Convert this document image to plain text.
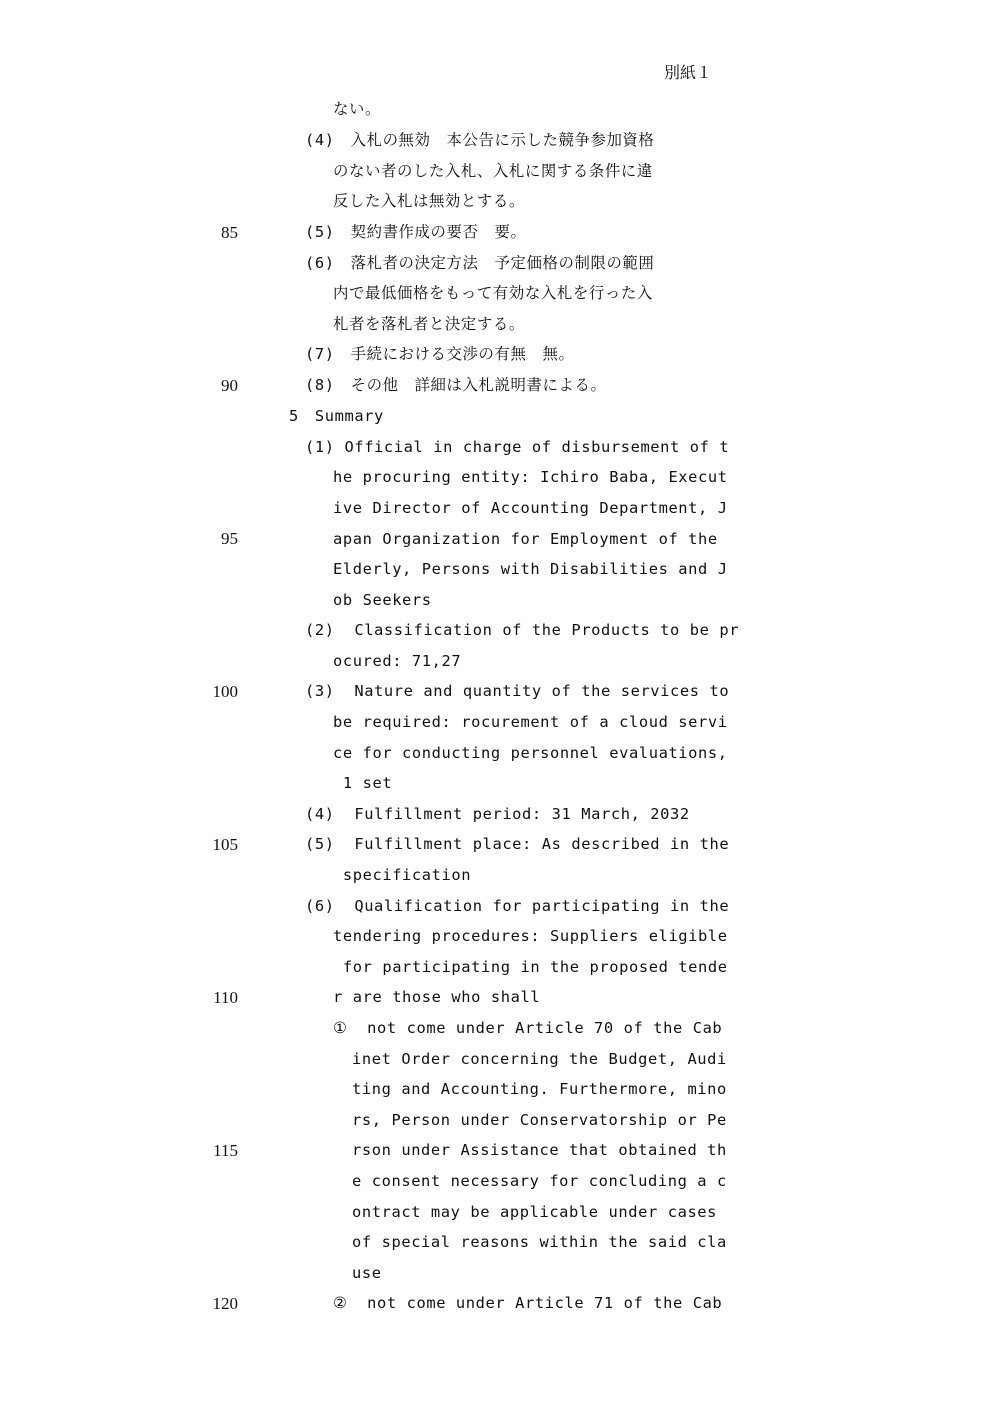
別紙１
85
90
95
100
105
110
115
120
ない。
(4)　入札の無効　本公告に示した競争参加資格
のない者のした入札、入札に関する条件に違
反した入札は無効とする。
(5)　契約書作成の要否　要。
(6)　落札者の決定方法　予定価格の制限の範囲
内で最低価格をもって有効な入札を行った入
札者を落札者と決定する。
(7)　手続における交渉の有無　無。
(8)　その他　詳細は入札説明書による。
5　Summary
(1) Official in charge of disbursement of t
he procuring entity: Ichiro Baba, Execut
ive Director of Accounting Department, J
apan Organization for Employment of the
Elderly, Persons with Disabilities and J
ob Seekers
(2)  Classification of the Products to be pr
ocured: 71,27
(3)  Nature and quantity of the services to
be required: rocurement of a cloud servi
ce for conducting personnel evaluations,
1 set
(4)  Fulfillment period: 31 March, 2032
(5)  Fulfillment place: As described in the
specification
(6)  Qualification for participating in the
tendering procedures: Suppliers eligible
for participating in the proposed tende
r are those who shall
①  not come under Article 70 of the Cab
inet Order concerning the Budget, Audi
ting and Accounting. Furthermore, mino
rs, Person under Conservatorship or Pe
rson under Assistance that obtained th
e consent necessary for concluding a c
ontract may be applicable under cases
of special reasons within the said cla
use
②  not come under Article 71 of the Cab
